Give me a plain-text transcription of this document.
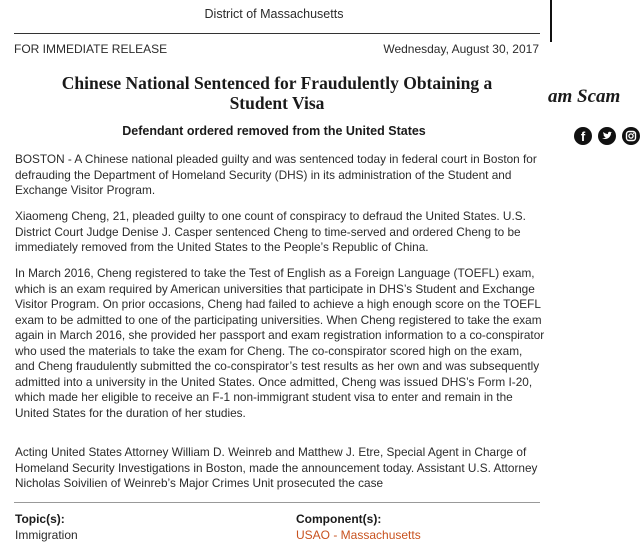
District of Massachusetts
FOR IMMEDIATE RELEASE	Wednesday, August 30, 2017
Chinese National Sentenced for Fraudulently Obtaining a Student Visa
Defendant ordered removed from the United States

BOSTON - A Chinese national pleaded guilty and was sentenced today in federal court in Boston for defrauding the Department of Homeland Security (DHS) in its administration of the Student and Exchange Visitor Program.

Xiaomeng Cheng, 21, pleaded guilty to one count of conspiracy to defraud the United States. U.S. District Court Judge Denise J. Casper sentenced Cheng to time-served and ordered Cheng to be immediately removed from the United States to the People’s Republic of China.

In March 2016, Cheng registered to take the Test of English as a Foreign Language (TOEFL) exam, which is an exam required by American universities that participate in DHS’s Student and Exchange Visitor Program. On prior occasions, Cheng had failed to achieve a high enough score on the TOEFL exam to be admitted to one of the participating universities. When Cheng registered to take the exam again in March 2016, she provided her passport and exam registration information to a co-conspirator who used the materials to take the exam for Cheng. The co-conspirator scored high on the exam, and Cheng fraudulently submitted the co-conspirator’s test results as her own and was subsequently admitted into a university in the United States. Once admitted, Cheng was issued DHS’s Form I-20, which made her eligible to receive an F-1 non-immigrant student visa to enter and remain in the United States for the duration of her studies.

Acting United States Attorney William D. Weinreb and Matthew J. Etre, Special Agent in Charge of Homeland Security Investigations in Boston, made the announcement today. Assistant U.S. Attorney Nicholas Soivilien of Weinreb’s Major Crimes Unit prosecuted the case

Topic(s):
Immigration
Component(s):
USAO - Massachusetts
am Scam
f
